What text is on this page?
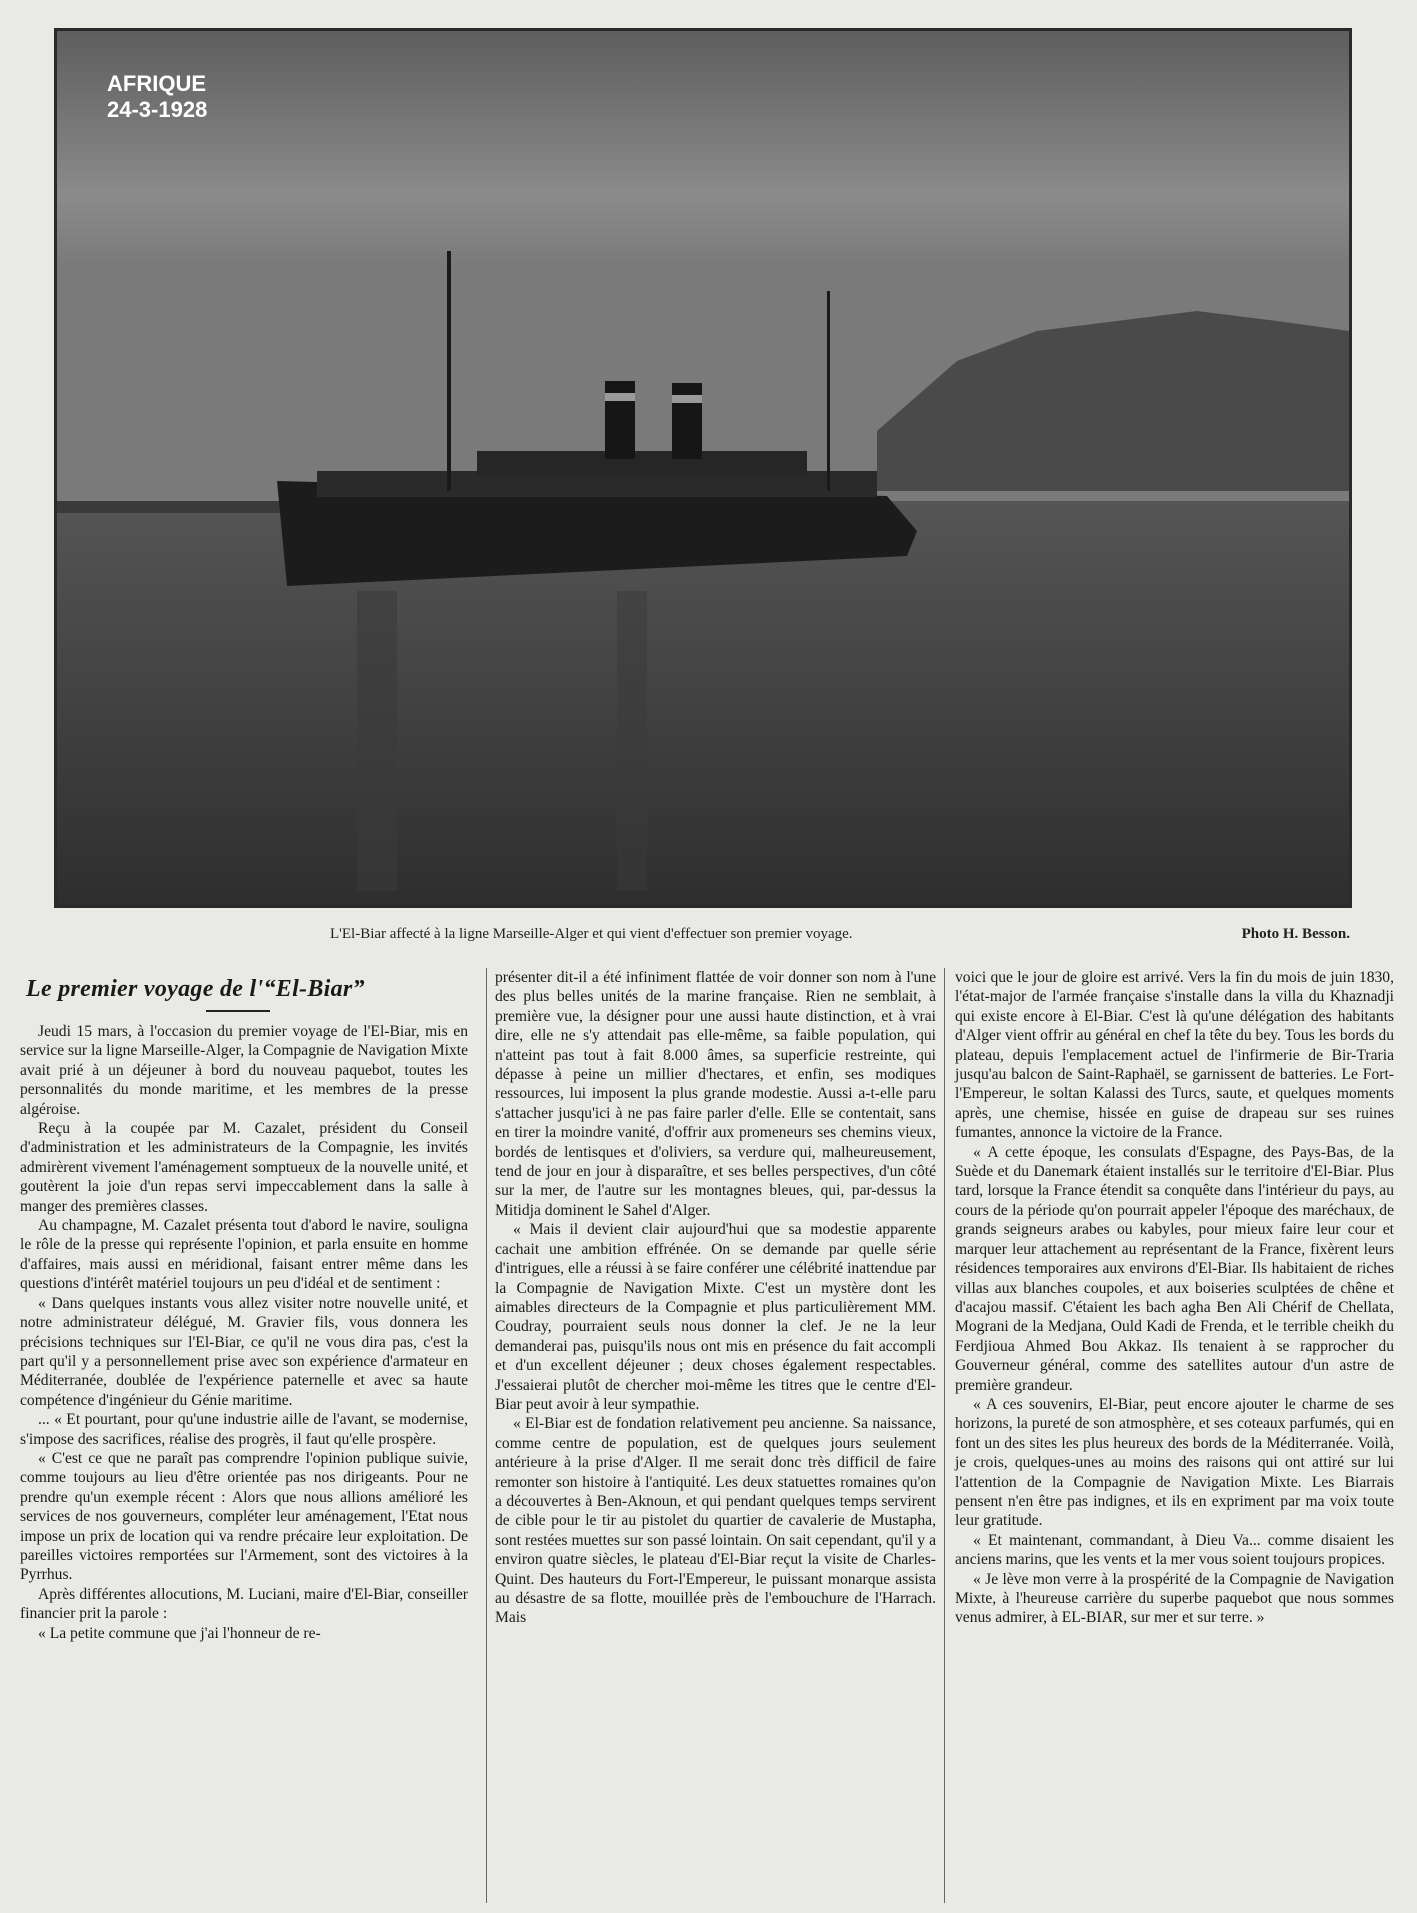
AFRIQUE
24-3-1928
L'El-Biar affecté à la ligne Marseille-Alger et qui vient d'effectuer son premier voyage.	Photo H. Besson.
Le premier voyage de l'“El-Biar”

Jeudi 15 mars, à l'occasion du premier voyage de l'El-Biar, mis en service sur la ligne Marseille-Alger, la Compagnie de Navigation Mixte avait prié à un déjeuner à bord du nouveau paquebot, toutes les personnalités du monde maritime, et les membres de la presse algéroise.

Reçu à la coupée par M. Cazalet, président du Conseil d'administration et les administrateurs de la Compagnie, les invités admirèrent vivement l'aménagement somptueux de la nouvelle unité, et goutèrent la joie d'un repas servi impeccablement dans la salle à manger des premières classes.

Au champagne, M. Cazalet présenta tout d'abord le navire, souligna le rôle de la presse qui représente l'opinion, et parla ensuite en homme d'affaires, mais aussi en méridional, faisant entrer même dans les questions d'intérêt matériel toujours un peu d'idéal et de sentiment :

« Dans quelques instants vous allez visiter notre nouvelle unité, et notre administrateur délégué, M. Gravier fils, vous donnera les précisions techniques sur l'El-Biar, ce qu'il ne vous dira pas, c'est la part qu'il y a personnellement prise avec son expérience d'armateur en Méditerranée, doublée de l'expérience paternelle et avec sa haute compétence d'ingénieur du Génie maritime.

... « Et pourtant, pour qu'une industrie aille de l'avant, se modernise, s'impose des sacrifices, réalise des progrès, il faut qu'elle prospère.

« C'est ce que ne paraît pas comprendre l'opinion publique suivie, comme toujours au lieu d'être orientée pas nos dirigeants. Pour ne prendre qu'un exemple récent : Alors que nous allions amélioré les services de nos gouverneurs, compléter leur aménagement, l'Etat nous impose un prix de location qui va rendre précaire leur exploitation. De pareilles victoires remportées sur l'Armement, sont des victoires à la Pyrrhus.

Après différentes allocutions, M. Luciani, maire d'El-Biar, conseiller financier prit la parole :

« La petite commune que j'ai l'honneur de re-

présenter dit-il a été infiniment flattée de voir donner son nom à l'une des plus belles unités de la marine française. Rien ne semblait, à première vue, la désigner pour une aussi haute distinction, et à vrai dire, elle ne s'y attendait pas elle-même, sa faible population, qui n'atteint pas tout à fait 8.000 âmes, sa superficie restreinte, qui dépasse à peine un millier d'hectares, et enfin, ses modiques ressources, lui imposent la plus grande modestie. Aussi a-t-elle paru s'attacher jusqu'ici à ne pas faire parler d'elle. Elle se contentait, sans en tirer la moindre vanité, d'offrir aux promeneurs ses chemins vieux, bordés de lentisques et d'oliviers, sa verdure qui, malheureusement, tend de jour en jour à disparaître, et ses belles perspectives, d'un côté sur la mer, de l'autre sur les montagnes bleues, qui, par-dessus la Mitidja dominent le Sahel d'Alger.

« Mais il devient clair aujourd'hui que sa modestie apparente cachait une ambition effrénée. On se demande par quelle série d'intrigues, elle a réussi à se faire conférer une célébrité inattendue par la Compagnie de Navigation Mixte. C'est un mystère dont les aimables directeurs de la Compagnie et plus particulièrement MM. Coudray, pourraient seuls nous donner la clef. Je ne la leur demanderai pas, puisqu'ils nous ont mis en présence du fait accompli et d'un excellent déjeuner ; deux choses également respectables. J'essaierai plutôt de chercher moi-même les titres que le centre d'El-Biar peut avoir à leur sympathie.

« El-Biar est de fondation relativement peu ancienne. Sa naissance, comme centre de population, est de quelques jours seulement antérieure à la prise d'Alger. Il me serait donc très difficil de faire remonter son histoire à l'antiquité. Les deux statuettes romaines qu'on a découvertes à Ben-Aknoun, et qui pendant quelques temps servirent de cible pour le tir au pistolet du quartier de cavalerie de Mustapha, sont restées muettes sur son passé lointain. On sait cependant, qu'il y a environ quatre siècles, le plateau d'El-Biar reçut la visite de Charles-Quint. Des hauteurs du Fort-l'Empereur, le puissant monarque assista au désastre de sa flotte, mouillée près de l'embouchure de l'Harrach. Mais

voici que le jour de gloire est arrivé. Vers la fin du mois de juin 1830, l'état-major de l'armée française s'installe dans la villa du Khaznadji qui existe encore à El-Biar. C'est là qu'une délégation des habitants d'Alger vient offrir au général en chef la tête du bey. Tous les bords du plateau, depuis l'emplacement actuel de l'infirmerie de Bir-Traria jusqu'au balcon de Saint-Raphaël, se garnissent de batteries. Le Fort-l'Empereur, le soltan Kalassi des Turcs, saute, et quelques moments après, une chemise, hissée en guise de drapeau sur ses ruines fumantes, annonce la victoire de la France.

« A cette époque, les consulats d'Espagne, des Pays-Bas, de la Suède et du Danemark étaient installés sur le territoire d'El-Biar. Plus tard, lorsque la France étendit sa conquête dans l'intérieur du pays, au cours de la période qu'on pourrait appeler l'époque des maréchaux, de grands seigneurs arabes ou kabyles, pour mieux faire leur cour et marquer leur attachement au représentant de la France, fixèrent leurs résidences temporaires aux environs d'El-Biar. Ils habitaient de riches villas aux blanches coupoles, et aux boiseries sculptées de chêne et d'acajou massif. C'étaient les bach agha Ben Ali Chérif de Chellata, Mograni de la Medjana, Ould Kadi de Frenda, et le terrible cheikh du Ferdjioua Ahmed Bou Akkaz. Ils tenaient à se rapprocher du Gouverneur général, comme des satellites autour d'un astre de première grandeur.

« A ces souvenirs, El-Biar, peut encore ajouter le charme de ses horizons, la pureté de son atmosphère, et ses coteaux parfumés, qui en font un des sites les plus heureux des bords de la Méditerranée. Voilà, je crois, quelques-unes au moins des raisons qui ont attiré sur lui l'attention de la Compagnie de Navigation Mixte. Les Biarrais pensent n'en être pas indignes, et ils en expriment par ma voix toute leur gratitude.

« Et maintenant, commandant, à Dieu Va... comme disaient les anciens marins, que les vents et la mer vous soient toujours propices.

« Je lève mon verre à la prospérité de la Compagnie de Navigation Mixte, à l'heureuse carrière du superbe paquebot que nous sommes venus admirer, à EL-BIAR, sur mer et sur terre. »
